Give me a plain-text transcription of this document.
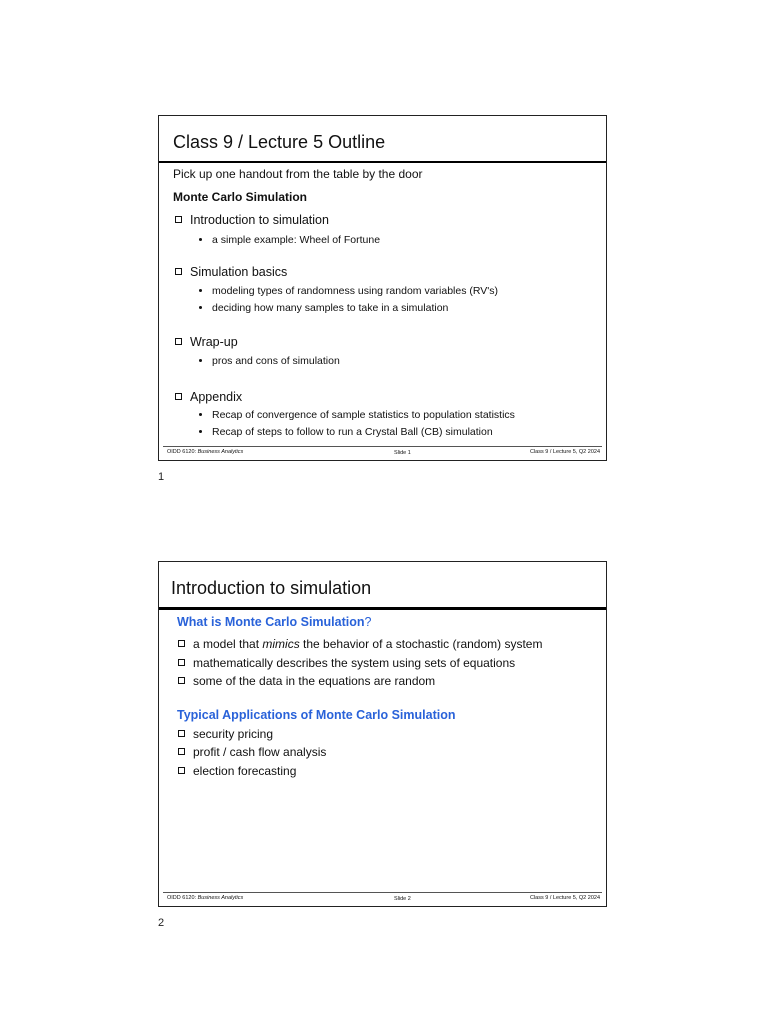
Class 9 / Lecture 5 Outline
Pick up one handout from the table by the door
Monte Carlo Simulation
Introduction to simulation
a simple example: Wheel of Fortune
Simulation basics
modeling types of randomness using random variables (RV's)
deciding how many samples to take in a simulation
Wrap-up
pros and cons of simulation
Appendix
Recap of convergence of sample statistics to population statistics
Recap of steps to follow to run a Crystal Ball (CB) simulation
OIDD 6120: Business Analytics	Slide 1	Class 9 / Lecture 5, Q2 2024
1
Introduction to simulation
What is Monte Carlo Simulation?
a model that mimics the behavior of a stochastic (random) system
mathematically describes the system using sets of equations
some of the data in the equations are random
Typical Applications of Monte Carlo Simulation
security pricing
profit / cash flow analysis
election forecasting
OIDD 6120: Business Analytics	Slide 2	Class 9 / Lecture 5, Q2 2024
2
